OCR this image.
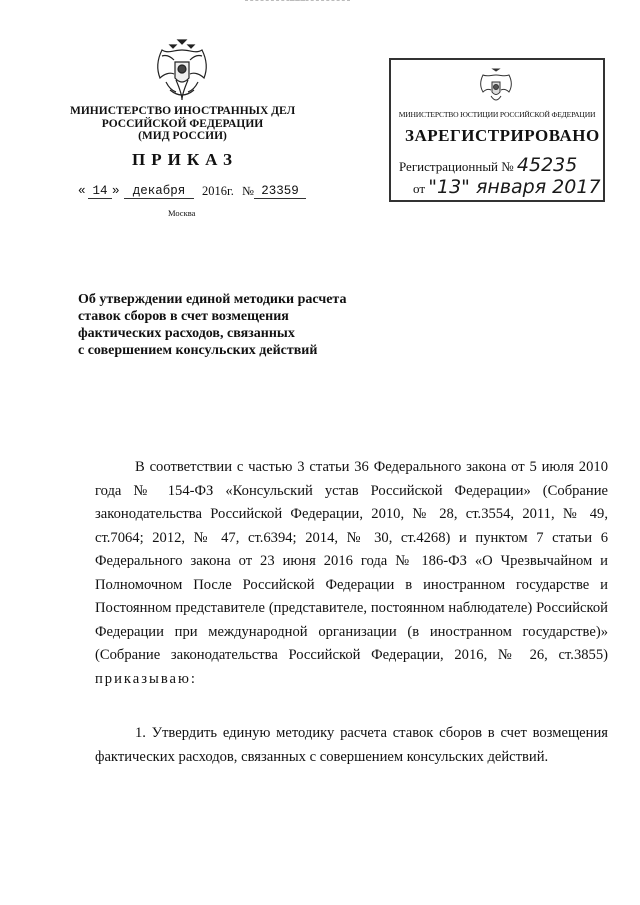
МИНИСТЕРСТВО ИНОСТРАННЫХ ДЕЛ
РОССИЙСКОЙ ФЕДЕРАЦИИ
(МИД РОССИИ)
ПРИКАЗ
« 14 »	декабря	2016г. № 23359
Москва
МИНИСТЕРСТВО ЮСТИЦИИ РОССИЙСКОЙ ФЕДЕРАЦИИ
ЗАРЕГИСТРИРОВАНО
Регистрационный № 45235
от "13" января 2017
Об утверждении единой методики расчета
ставок сборов в счет возмещения
фактических расходов, связанных
с совершением консульских действий

В соответствии с частью 3 статьи 36 Федерального закона от 5 июля 2010 года № 154-ФЗ «Консульский устав Российской Федерации» (Собрание законодательства Российской Федерации, 2010, № 28, ст.3554, 2011, № 49, ст.7064; 2012, № 47, ст.6394; 2014, № 30, ст.4268) и пунктом 7 статьи 6 Федерального закона от 23 июня 2016 года № 186-ФЗ «О Чрезвычайном и Полномочном После Российской Федерации в иностранном государстве и Постоянном представителе (представителе, постоянном наблюдателе) Российской Федерации при международной организации (в иностранном государстве)» (Собрание законодательства Российской Федерации, 2016, № 26, ст.3855) приказываю:

1. Утвердить единую методику расчета ставок сборов в счет возмещения фактических расходов, связанных с совершением консульских действий.
